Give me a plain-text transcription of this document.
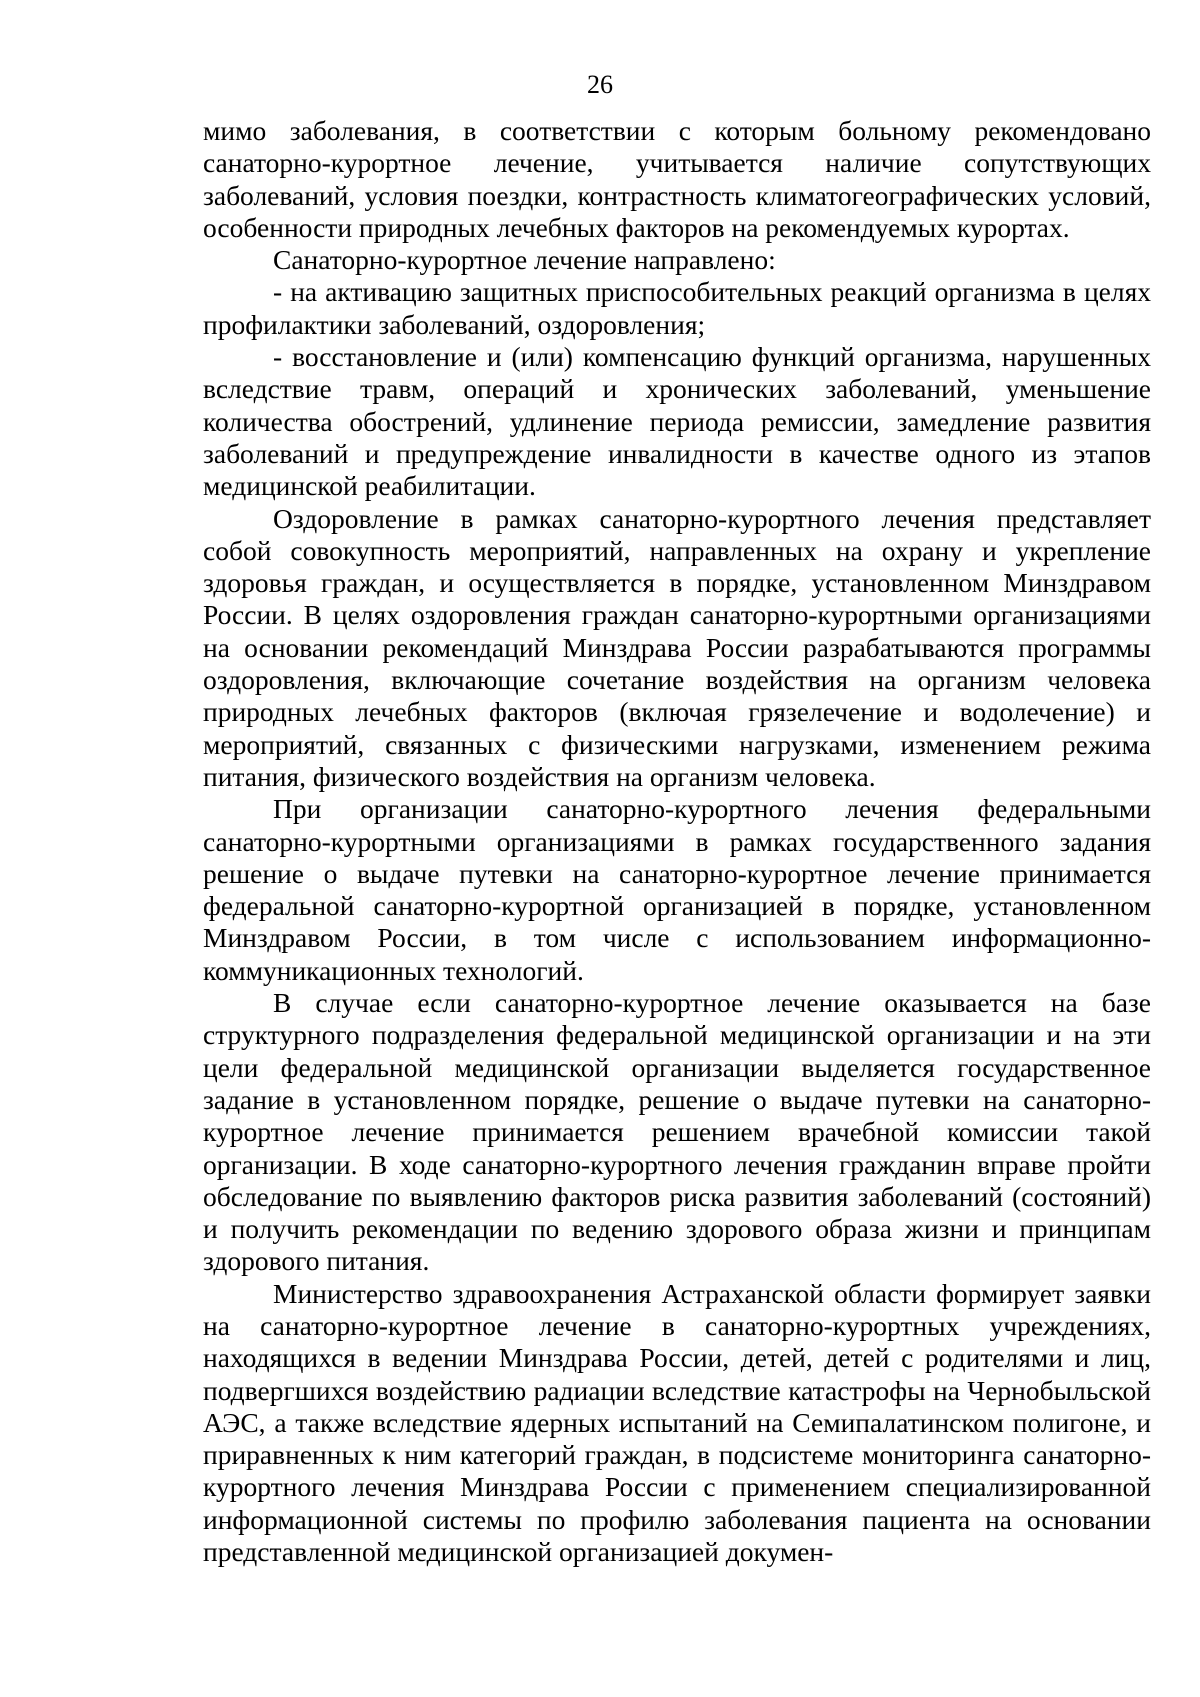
26

мимо заболевания, в соответствии с которым больному рекомендовано санаторно-курортное лечение, учитывается наличие сопутствующих заболеваний, условия поездки, контрастность климатогеографических условий, особенности природных лечебных факторов на рекомендуемых курортах.

Санаторно-курортное лечение направлено:

- на активацию защитных приспособительных реакций организма в целях профилактики заболеваний, оздоровления;

- восстановление и (или) компенсацию функций организма, нарушенных вследствие травм, операций и хронических заболеваний, уменьшение количества обострений, удлинение периода ремиссии, замедление развития заболеваний и предупреждение инвалидности в качестве одного из этапов медицинской реабилитации.

Оздоровление в рамках санаторно-курортного лечения представляет собой совокупность мероприятий, направленных на охрану и укрепление здоровья граждан, и осуществляется в порядке, установленном Минздравом России. В целях оздоровления граждан санаторно-курортными организациями на основании рекомендаций Минздрава России разрабатываются программы оздоровления, включающие сочетание воздействия на организм человека природных лечебных факторов (включая грязелечение и водолечение) и мероприятий, связанных с физическими нагрузками, изменением режима питания, физического воздействия на организм человека.

При организации санаторно-курортного лечения федеральными санаторно-курортными организациями в рамках государственного задания решение о выдаче путевки на санаторно-курортное лечение принимается федеральной санаторно-курортной организацией в порядке, установленном Минздравом России, в том числе с использованием информационно-коммуникационных технологий.

В случае если санаторно-курортное лечение оказывается на базе структурного подразделения федеральной медицинской организации и на эти цели федеральной медицинской организации выделяется государственное задание в установленном порядке, решение о выдаче путевки на санаторно-курортное лечение принимается решением врачебной комиссии такой организации. В ходе санаторно-курортного лечения гражданин вправе пройти обследование по выявлению факторов риска развития заболеваний (состояний) и получить рекомендации по ведению здорового образа жизни и принципам здорового питания.

Министерство здравоохранения Астраханской области формирует заявки на санаторно-курортное лечение в санаторно-курортных учреждениях, находящихся в ведении Минздрава России, детей, детей с родителями и лиц, подвергшихся воздействию радиации вследствие катастрофы на Чернобыльской АЭС, а также вследствие ядерных испытаний на Семипалатинском полигоне, и приравненных к ним категорий граждан, в подсистеме мониторинга санаторно-курортного лечения Минздрава России с применением специализированной информационной системы по профилю заболевания пациента на основании представленной медицинской организацией докумен-
